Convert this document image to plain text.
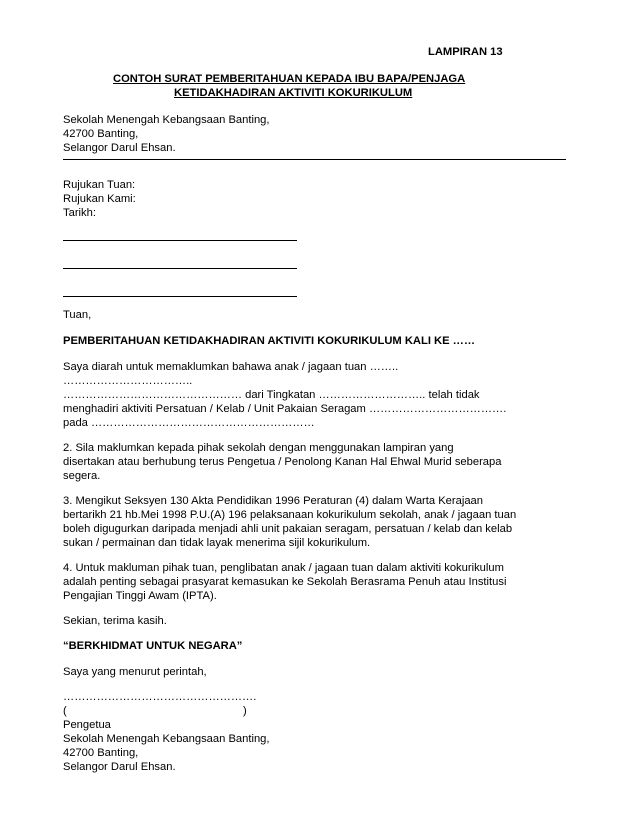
LAMPIRAN 13
CONTOH SURAT PEMBERITAHUAN KEPADA IBU BAPA/PENJAGA
KETIDAKHADIRAN AKTIVITI KOKURIKULUM
Sekolah Menengah Kebangsaan Banting,
42700 Banting,
Selangor Darul Ehsan.
Rujukan Tuan:
Rujukan Kami:
Tarikh:
Tuan,
PEMBERITAHUAN KETIDAKHADIRAN AKTIVITI KOKURIKULUM KALI KE ……
Saya diarah untuk memaklumkan bahawa anak / jagaan tuan ……..
……………………………..
………………………………………… dari Tingkatan ……………………….. telah tidak
menghadiri aktiviti Persatuan / Kelab / Unit Pakaian Seragam ……………………………….
pada ……………………………………………………
2. Sila maklumkan kepada pihak sekolah dengan menggunakan lampiran yang
disertakan atau berhubung terus Pengetua / Penolong Kanan Hal Ehwal Murid seberapa
segera.
3. Mengikut Seksyen 130 Akta Pendidikan 1996 Peraturan (4) dalam Warta Kerajaan
bertarikh 21 hb.Mei 1998 P.U.(A) 196 pelaksanaan kokurikulum sekolah, anak / jagaan tuan
boleh digugurkan daripada menjadi ahli unit pakaian seragam, persatuan / kelab dan kelab
sukan / permainan dan tidak layak menerima sijil kokurikulum.
4. Untuk makluman pihak tuan, penglibatan anak / jagaan tuan dalam aktiviti kokurikulum
adalah penting sebagai prasyarat kemasukan ke Sekolah Berasrama Penuh atau Institusi
Pengajian Tinggi Awam (IPTA).
Sekian, terima kasih.
“BERKHIDMAT UNTUK NEGARA”
Saya yang menurut perintah,
…………………………………………….
(	)
Pengetua
Sekolah Menengah Kebangsaan Banting,
42700 Banting,
Selangor Darul Ehsan.
